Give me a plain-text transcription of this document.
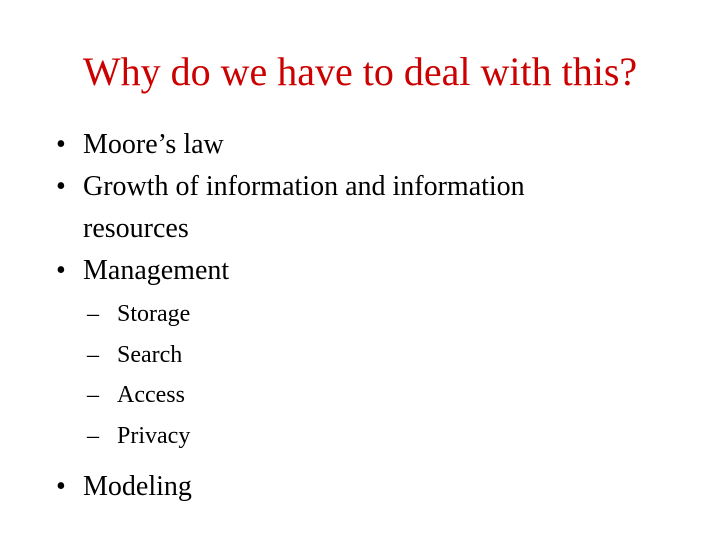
Why do we have to deal with this?
• Moore’s law
• Growth of information and information
resources
• Management
– Storage
– Search
– Access
– Privacy
• Modeling
